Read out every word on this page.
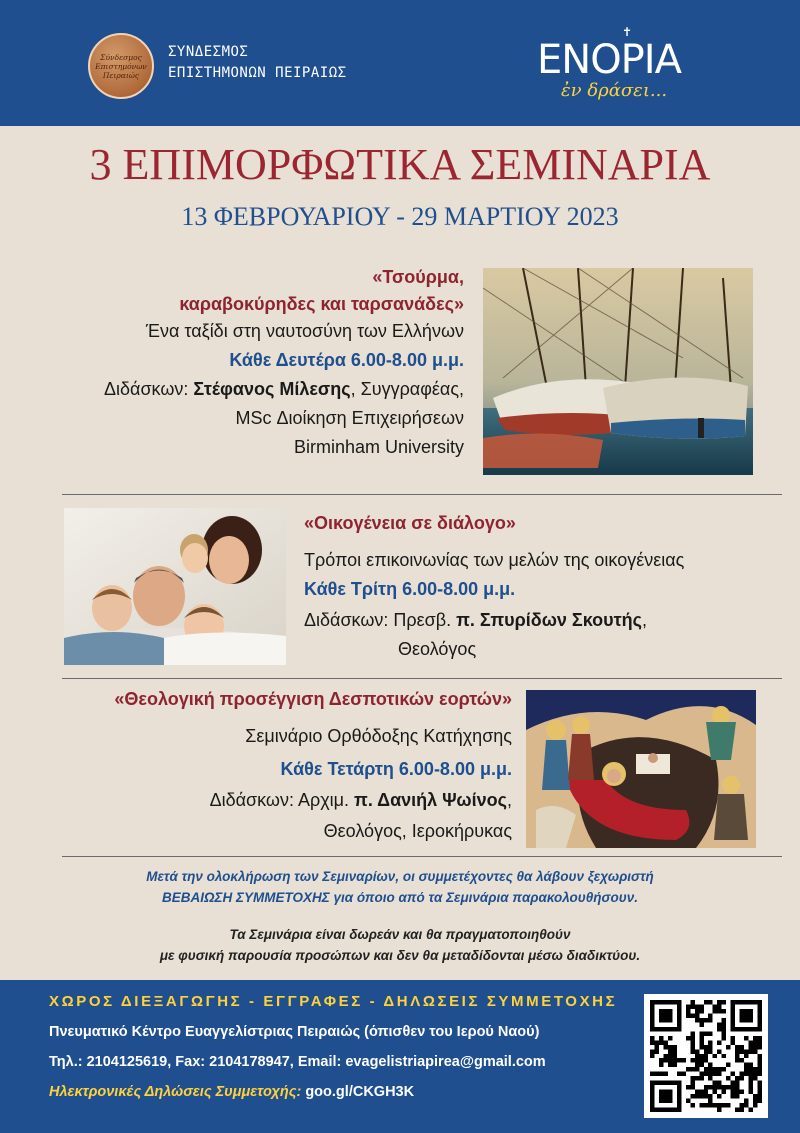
Σύνδεσμος Επιστημόνων Πειραιώς
ΣΥΝΔΕΣΜΟΣ
ΕΠΙΣΤΗΜΟΝΩΝ ΠΕΙΡΑΙΩΣ
✝
ΕΝΟΡΙΑ
ἐν δράσει...
3 ΕΠΙΜΟΡΦΩΤΙΚΑ ΣΕΜΙΝΑΡΙΑ
13 ΦΕΒΡΟΥΑΡΙΟΥ - 29 ΜΑΡΤΙΟΥ 2023
«Τσούρμα,
καραβοκύρηδες και ταρσανάδες»
Ένα ταξίδι στη ναυτοσύνη των Ελλήνων
Κάθε Δευτέρα 6.00-8.00 μ.μ.
Διδάσκων: Στέφανος Μίλεσης, Συγγραφέας,
MSc Διοίκηση Επιχειρήσεων
Birminham University
«Οικογένεια σε διάλογο»
Τρόποι επικοινωνίας των μελών της οικογένειας
Κάθε Τρίτη 6.00-8.00 μ.μ.
Διδάσκων: Πρεσβ. π. Σπυρίδων Σκουτής,
Θεολόγος
«Θεολογική προσέγγιση Δεσποτικών εορτών»
Σεμινάριο Ορθόδοξης Κατήχησης
Κάθε Τετάρτη 6.00-8.00 μ.μ.
Διδάσκων: Αρχιμ. π. Δανιήλ Ψωίνος,
Θεολόγος, Ιεροκήρυκας
Μετά την ολοκλήρωση των Σεμιναρίων, οι συμμετέχοντες θα λάβουν ξεχωριστή
ΒΕΒΑΙΩΣΗ ΣΥΜΜΕΤΟΧΗΣ για όποιο από τα Σεμινάρια παρακολουθήσουν.
Τα Σεμινάρια είναι δωρεάν και θα πραγματοποιηθούν
με φυσική παρουσία προσώπων και δεν θα μεταδίδονται μέσω διαδικτύου.
ΧΩΡΟΣ ΔΙΕΞΑΓΩΓΗΣ - ΕΓΓΡΑΦΕΣ - ΔΗΛΩΣΕΙΣ ΣΥΜΜΕΤΟΧΗΣ
Πνευματικό Κέντρο Ευαγγελίστριας Πειραιώς (όπισθεν του Ιερού Ναού)
Τηλ.: 2104125619, Fax: 2104178947, Email: evagelistriapirea@gmail.com
Ηλεκτρονικές Δηλώσεις Συμμετοχής: goo.gl/CKGH3K
